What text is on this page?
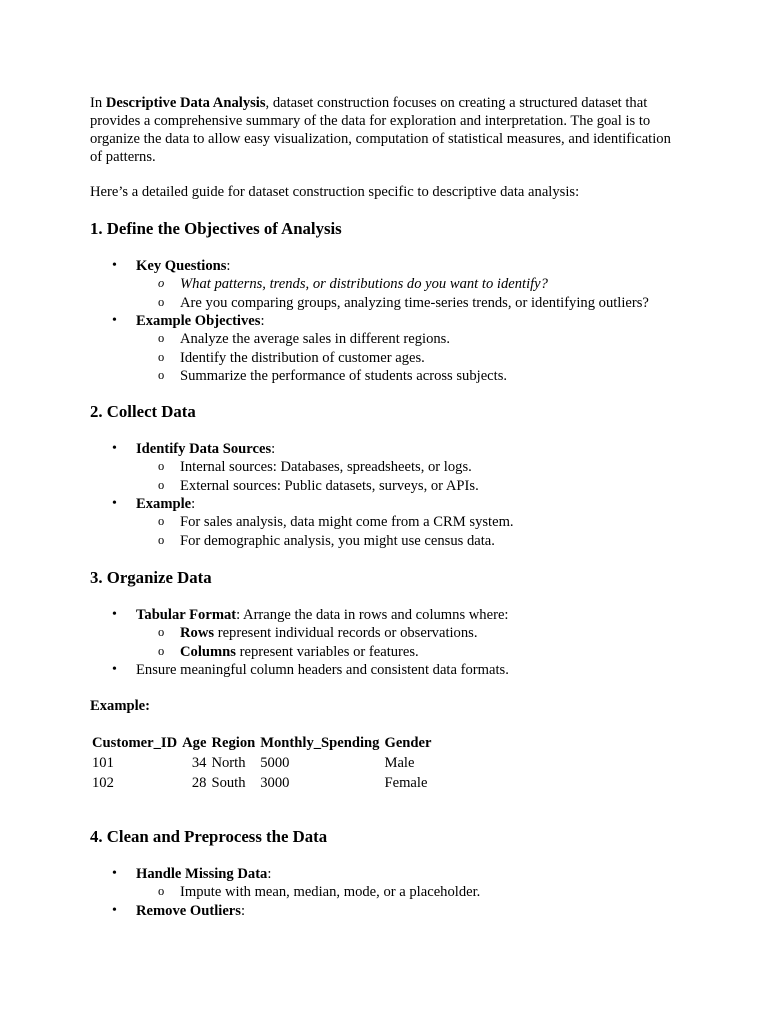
In Descriptive Data Analysis, dataset construction focuses on creating a structured dataset that provides a comprehensive summary of the data for exploration and interpretation. The goal is to organize the data to allow easy visualization, computation of statistical measures, and identification of patterns.

Here’s a detailed guide for dataset construction specific to descriptive data analysis:

1. Define the Objectives of Analysis
• Key Questions:
o What patterns, trends, or distributions do you want to identify?
o Are you comparing groups, analyzing time-series trends, or identifying outliers?
• Example Objectives:
o Analyze the average sales in different regions.
o Identify the distribution of customer ages.
o Summarize the performance of students across subjects.
2. Collect Data
• Identify Data Sources:
o Internal sources: Databases, spreadsheets, or logs.
o External sources: Public datasets, surveys, or APIs.
• Example:
o For sales analysis, data might come from a CRM system.
o For demographic analysis, you might use census data.
3. Organize Data
• Tabular Format: Arrange the data in rows and columns where:
o Rows represent individual records or observations.
o Columns represent variables or features.
• Ensure meaningful column headers and consistent data formats.

Example:

Customer_ID	Age	Region	Monthly_Spending	Gender
101	34	North	5000	Male
102	28	South	3000	Female
4. Clean and Preprocess the Data
• Handle Missing Data:
o Impute with mean, median, mode, or a placeholder.
• Remove Outliers:
